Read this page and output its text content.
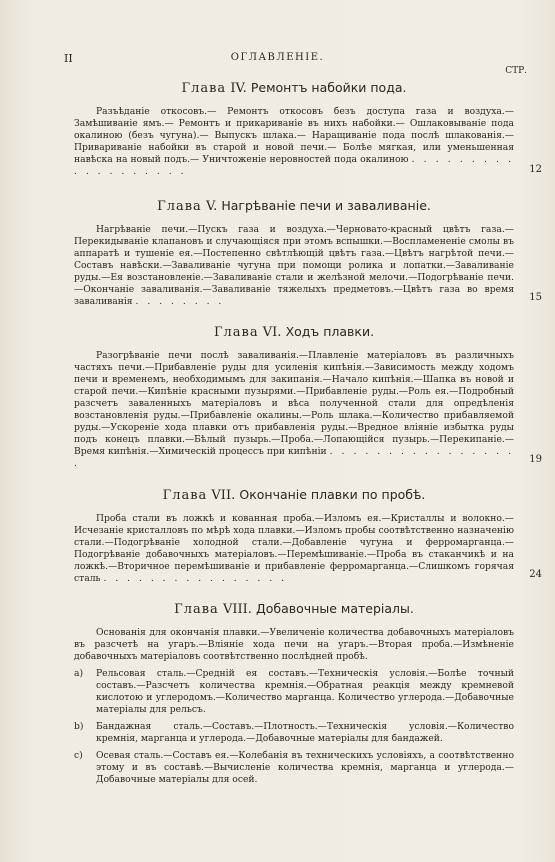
II	ОГЛАВЛЕНІЕ.
СТР.
Глава IV. Ремонтъ набойки пода.

Разъѣданіе откосовъ.— Ремонтъ откосовъ безъ доступа газа и воздуха.— Замѣшиваніе ямъ.— Ремонтъ и прикариваніе въ нихъ набойки.— Ошлаковываніе пода окалиною (безъ чугуна).— Выпускъ шлака.— Наращиваніе пода послѣ шлакованія.— Привариваніе набойки въ старой и новой печи.— Болѣе мягкая, или уменьшенная навѣска на новый подъ.— Уничтоженіе неровностей пода окалиною . . . . . . . . . . . . . . . . . . .	12
Глава V. Нагрѣваніе печи и заваливаніе.

Нагрѣваніе печи.—Пускъ газа и воздуха.—Черновато-красный цвѣтъ газа.— Перекидываніе клапановъ и случающіяся при этомъ вспышки.—Воспламененіе смолы въ аппаратѣ и тушеніе ея.—Постепенно свѣтлѣющій цвѣтъ газа.—Цвѣтъ нагрѣтой печи.—Составъ навѣски.—Заваливаніе чугуна при помощи ролика и лопатки.—Заваливаніе руды.—Ея возстановленіе.—Заваливаніе стали и желѣзной мелочи.—Подогрѣваніе печи.—Окончаніе заваливанія.—Заваливаніе тяжелыхъ предметовъ.—Цвѣтъ газа во время заваливанія . . . . . . . .	15
Глава VI. Ходъ плавки.

Разогрѣваніе печи послѣ заваливанія.—Плавленіе матеріаловъ въ различныхъ частяхъ печи.—Прибавленіе руды для усиленія кипѣнія.—Зависимость между ходомъ печи и временемъ, необходимымъ для закипанія.—Начало кипѣнія.—Шапка въ новой и старой печи.—Кипѣніе красными пузырями.—Прибавленіе руды.—Роль ея.—Подробный разсчетъ заваленныхъ матеріаловъ и вѣса полученной стали для опредѣленія возстановленія руды.—Прибавленіе окалины.—Роль шлака.—Количество прибавляемой руды.—Ускореніе хода плавки отъ прибавленія руды.—Вредное вліяніе избытка руды подъ конецъ плавки.—Бѣлый пузырь.—Проба.—Лопающійся пузырь.—Перекипаніе.—Время кипѣнія.—Химическій процессъ при кипѣніи . . . . . . . . . . . . . . . . .	19
Глава VII. Окончаніе плавки по пробѣ.

Проба стали въ ложкѣ и кованная проба.—Изломъ ея.—Кристаллы и волокно.—Исчезаніе кристалловъ по мѣрѣ хода плавки.—Изломъ пробы соотвѣтственно назначенію стали.—Подогрѣваніе холодной стали.—Добавленіе чугуна и ферромарганца.—Подогрѣваніе добавочныхъ матеріаловъ.—Перемѣшиваніе.—Проба въ стаканчикѣ и на ложкѣ.—Вторичное перемѣшиваніе и прибавленіе ферромарганца.—Слишкомъ горячая сталь . . . . . . . . . . . . . . . .	24
Глава VIII. Добавочные матеріалы.

Основанія для окончанія плавки.—Увеличеніе количества добавочныхъ матеріаловъ въ разсчетѣ на угаръ.—Вліяніе хода печи на угаръ.—Вторая проба.—Измѣненіе добавочныхъ матеріаловъ соотвѣтственно послѣдней пробѣ.

a) Рельсовая сталь.—Средній ея составъ.—Техническія условія.—Болѣе точный составъ.—Разсчетъ количества кремнія.—Обратная реакція между кремневой кислотою и углеродомъ.—Количество марганца. Количество углерода.—Добавочные матеріалы для рельсъ.
b) Бандажная сталь.—Составъ.—Плотность.—Техническія условія.—Количество кремнія, марганца и углерода.—Добавочные матеріалы для бандажей.
c) Осевая сталь.—Составъ ея.—Колебанія въ техническихъ условіяхъ, а соотвѣтственно этому и въ составѣ.—Вычисленіе количества кремнія, марганца и углерода.—Добавочные матеріалы для осей.
